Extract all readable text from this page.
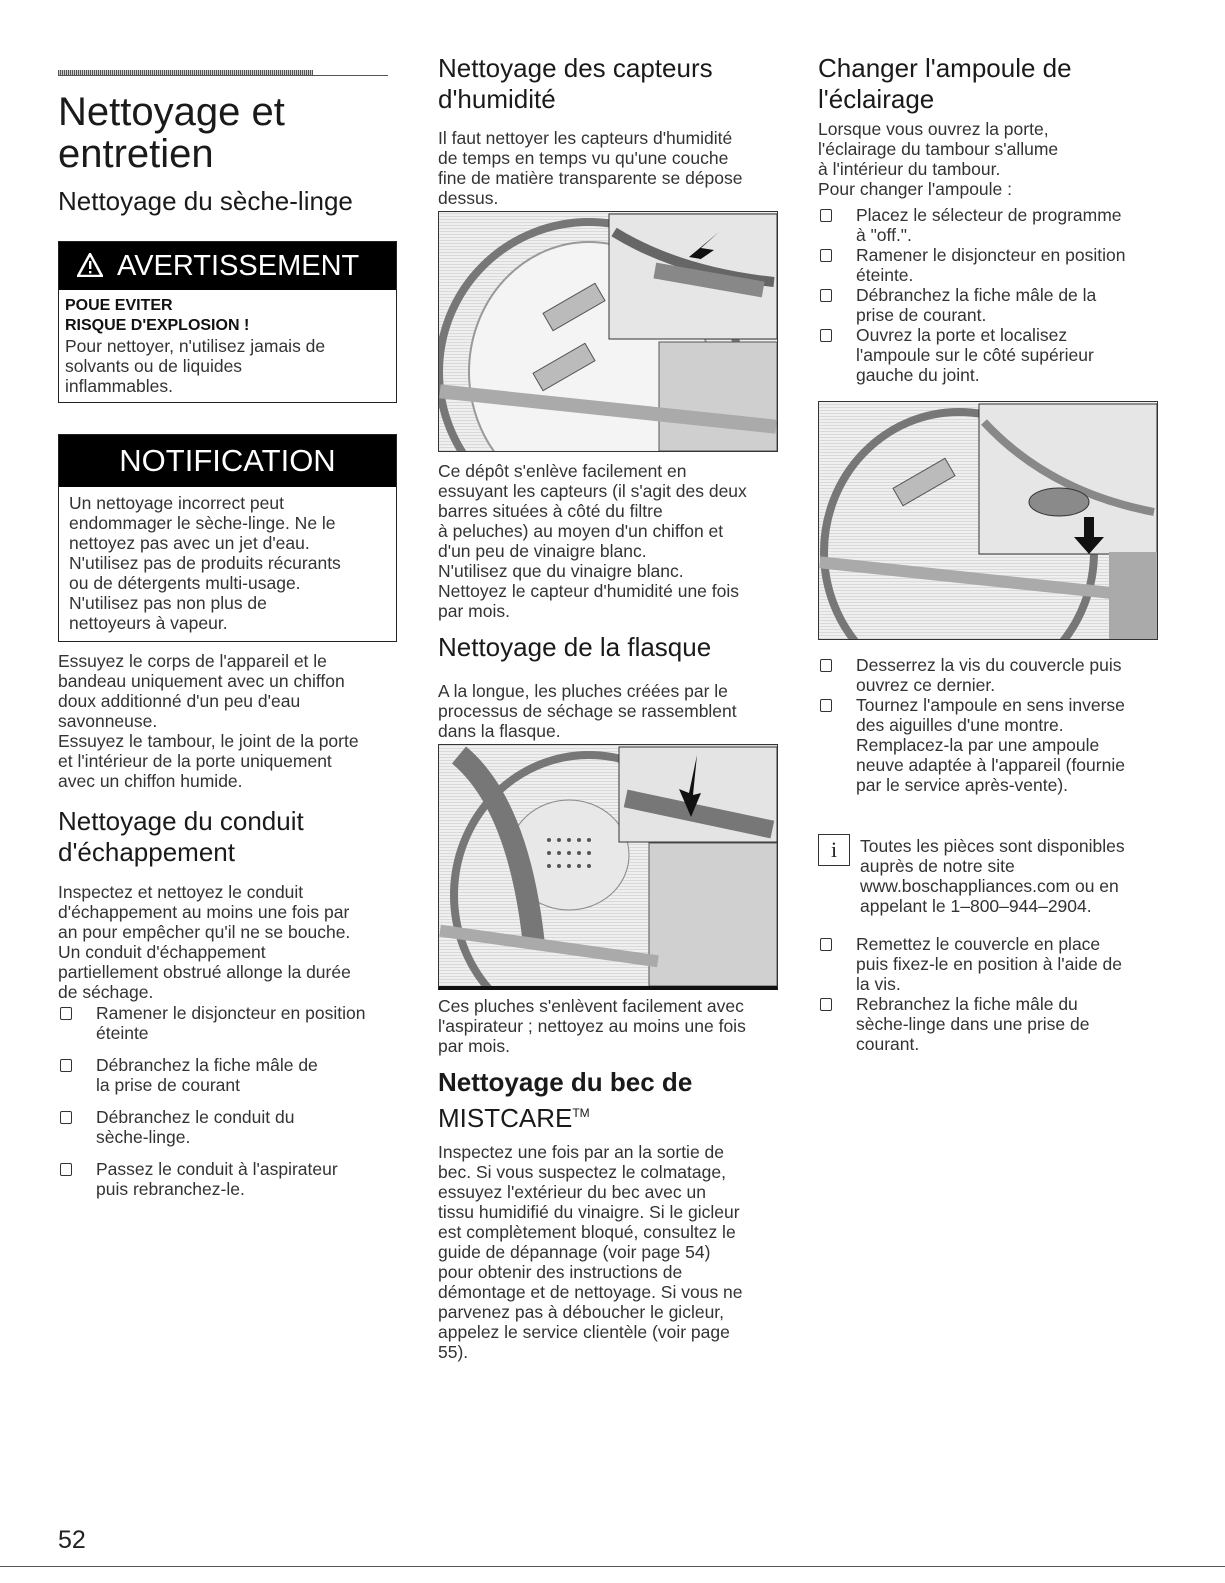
Nettoyage et
entretien
Nettoyage du sèche-linge
AVERTISSEMENT
POUE EVITER
RISQUE D'EXPLOSION !
Pour nettoyer, n'utilisez jamais de
solvants ou de liquides
inflammables.
NOTIFICATION
Un nettoyage incorrect peut
endommager le sèche-linge. Ne le
nettoyez pas avec un jet d'eau.
N'utilisez pas de produits récurants
ou de détergents multi-usage.
N'utilisez pas non plus de
nettoyeurs à vapeur.

Essuyez le corps de l'appareil et le

bandeau uniquement avec un chiffon

doux additionné d'un peu d'eau

savonneuse.

Essuyez le tambour, le joint de la porte

et l'intérieur de la porte uniquement

avec un chiffon humide.

Nettoyage du conduit
d'échappement

Inspectez et nettoyez le conduit

d'échappement au moins une fois par

an pour empêcher qu'il ne se bouche.

Un conduit d'échappement

partiellement obstrué allonge la durée

de séchage.

Ramener le disjoncteur en position
éteinte
Débranchez la fiche mâle de
la prise de courant
Débranchez le conduit du
sèche-linge.
Passez le conduit à l'aspirateur
puis rebranchez-le.
Nettoyage des capteurs
d'humidité

Il faut nettoyer les capteurs d'humidité

de temps en temps vu qu'une couche

fine de matière transparente se dépose

dessus.

Ce dépôt s'enlève facilement en

essuyant les capteurs (il s'agit des deux

barres situées à côté du filtre

à peluches) au moyen d'un chiffon et

d'un peu de vinaigre blanc.

N'utilisez que du vinaigre blanc.

Nettoyez le capteur d'humidité une fois

par mois.

Nettoyage de la flasque

A la longue, les pluches créées par le

processus de séchage se rassemblent

dans la flasque.

Ces pluches s'enlèvent facilement avec

l'aspirateur ; nettoyez au moins une fois

par mois.

Nettoyage du bec de
MISTCARE™

Inspectez une fois par an la sortie de

bec. Si vous suspectez le colmatage,

essuyez l'extérieur du bec avec un

tissu humidifié du vinaigre. Si le gicleur

est complètement bloqué, consultez le

guide de dépannage (voir page 54)

pour obtenir des instructions de

démontage et de nettoyage. Si vous ne

parvenez pas à déboucher le gicleur,

appelez le service clientèle (voir page

55).

Changer l'ampoule de
l'éclairage

Lorsque vous ouvrez la porte,

l'éclairage du tambour s'allume

à l'intérieur du tambour.

Pour changer l'ampoule :

Placez le sélecteur de programme
à "off.".
Ramener le disjoncteur en position
éteinte.
Débranchez la fiche mâle de la
prise de courant.
Ouvrez la porte et localisez
l'ampoule sur le côté supérieur
gauche du joint.
Desserrez la vis du couvercle puis
ouvrez ce dernier.
Tournez l'ampoule en sens inverse
des aiguilles d'une montre.
Remplacez-la par une ampoule
neuve adaptée à l'appareil (fournie
par le service après-vente).
i	Toutes les pièces sont disponibles

auprès de notre site

www.boschappliances.com ou en

appelant le 1–800–944–2904.

Remettez le couvercle en place
puis fixez-le en position à l'aide de
la vis.
Rebranchez la fiche mâle du
sèche-linge dans une prise de
courant.
52
